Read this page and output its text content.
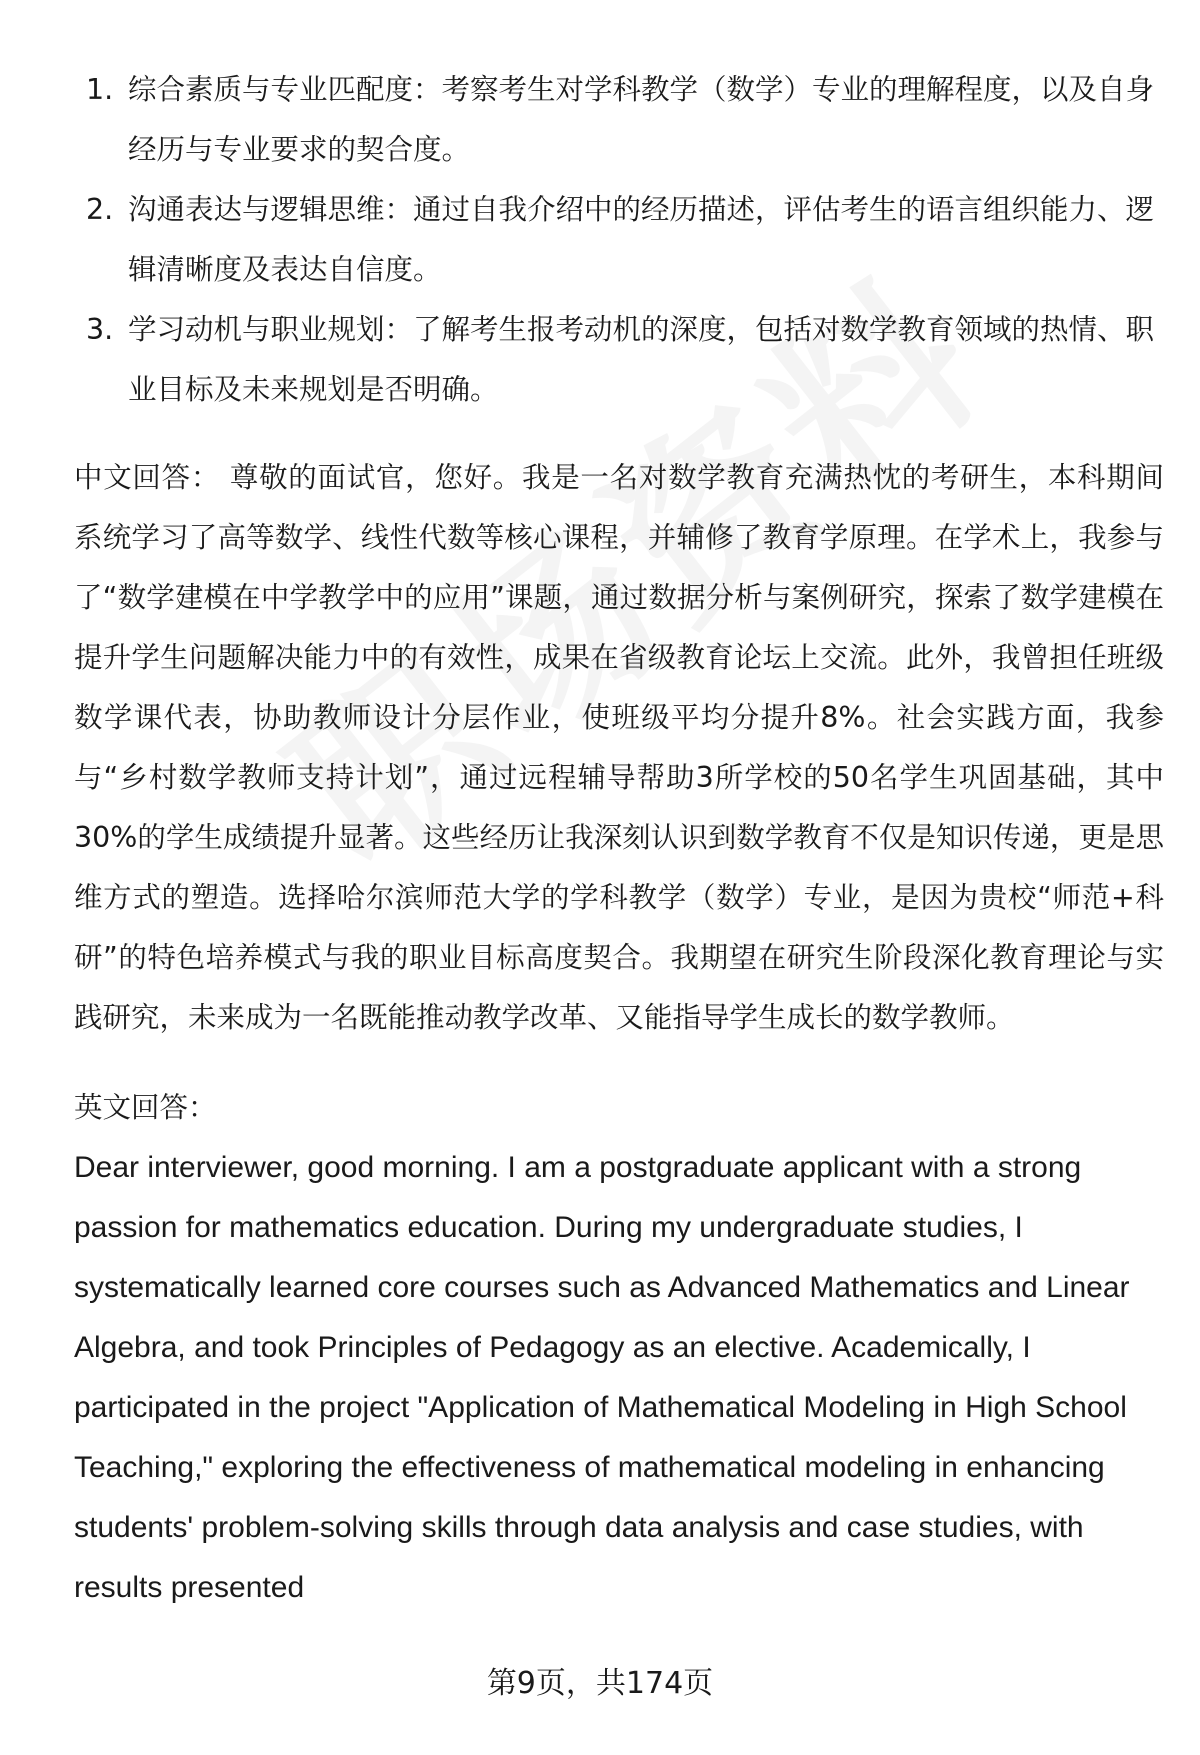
1. 综合素质与专业匹配度：考察考生对学科教学（数学）专业的理解程度，以及自身经历与专业要求的契合度。
2. 沟通表达与逻辑思维：通过自我介绍中的经历描述，评估考生的语言组织能力、逻辑清晰度及表达自信度。
3. 学习动机与职业规划：了解考生报考动机的深度，包括对数学教育领域的热情、职业目标及未来规划是否明确。

中文回答： 尊敬的面试官，您好。我是一名对数学教育充满热忱的考研生，本科期间系统学习了高等数学、线性代数等核心课程，并辅修了教育学原理。在学术上，我参与了“数学建模在中学教学中的应用”课题，通过数据分析与案例研究，探索了数学建模在提升学生问题解决能力中的有效性，成果在省级教育论坛上交流。此外，我曾担任班级数学课代表，协助教师设计分层作业，使班级平均分提升8%。社会实践方面，我参与“乡村数学教师支持计划”，通过远程辅导帮助3所学校的50名学生巩固基础，其中30%的学生成绩提升显著。这些经历让我深刻认识到数学教育不仅是知识传递，更是思维方式的塑造。选择哈尔滨师范大学的学科教学（数学）专业，是因为贵校“师范+科研”的特色培养模式与我的职业目标高度契合。我期望在研究生阶段深化教育理论与实践研究，未来成为一名既能推动教学改革、又能指导学生成长的数学教师。

英文回答：

Dear interviewer, good morning. I am a postgraduate applicant with a strong passion for mathematics education. During my undergraduate studies, I systematically learned core courses such as Advanced Mathematics and Linear Algebra, and took Principles of Pedagogy as an elective. Academically, I participated in the project "Application of Mathematical Modeling in High School Teaching," exploring the effectiveness of mathematical modeling in enhancing students' problem-solving skills through data analysis and case studies, with results presented

第9页，共174页
